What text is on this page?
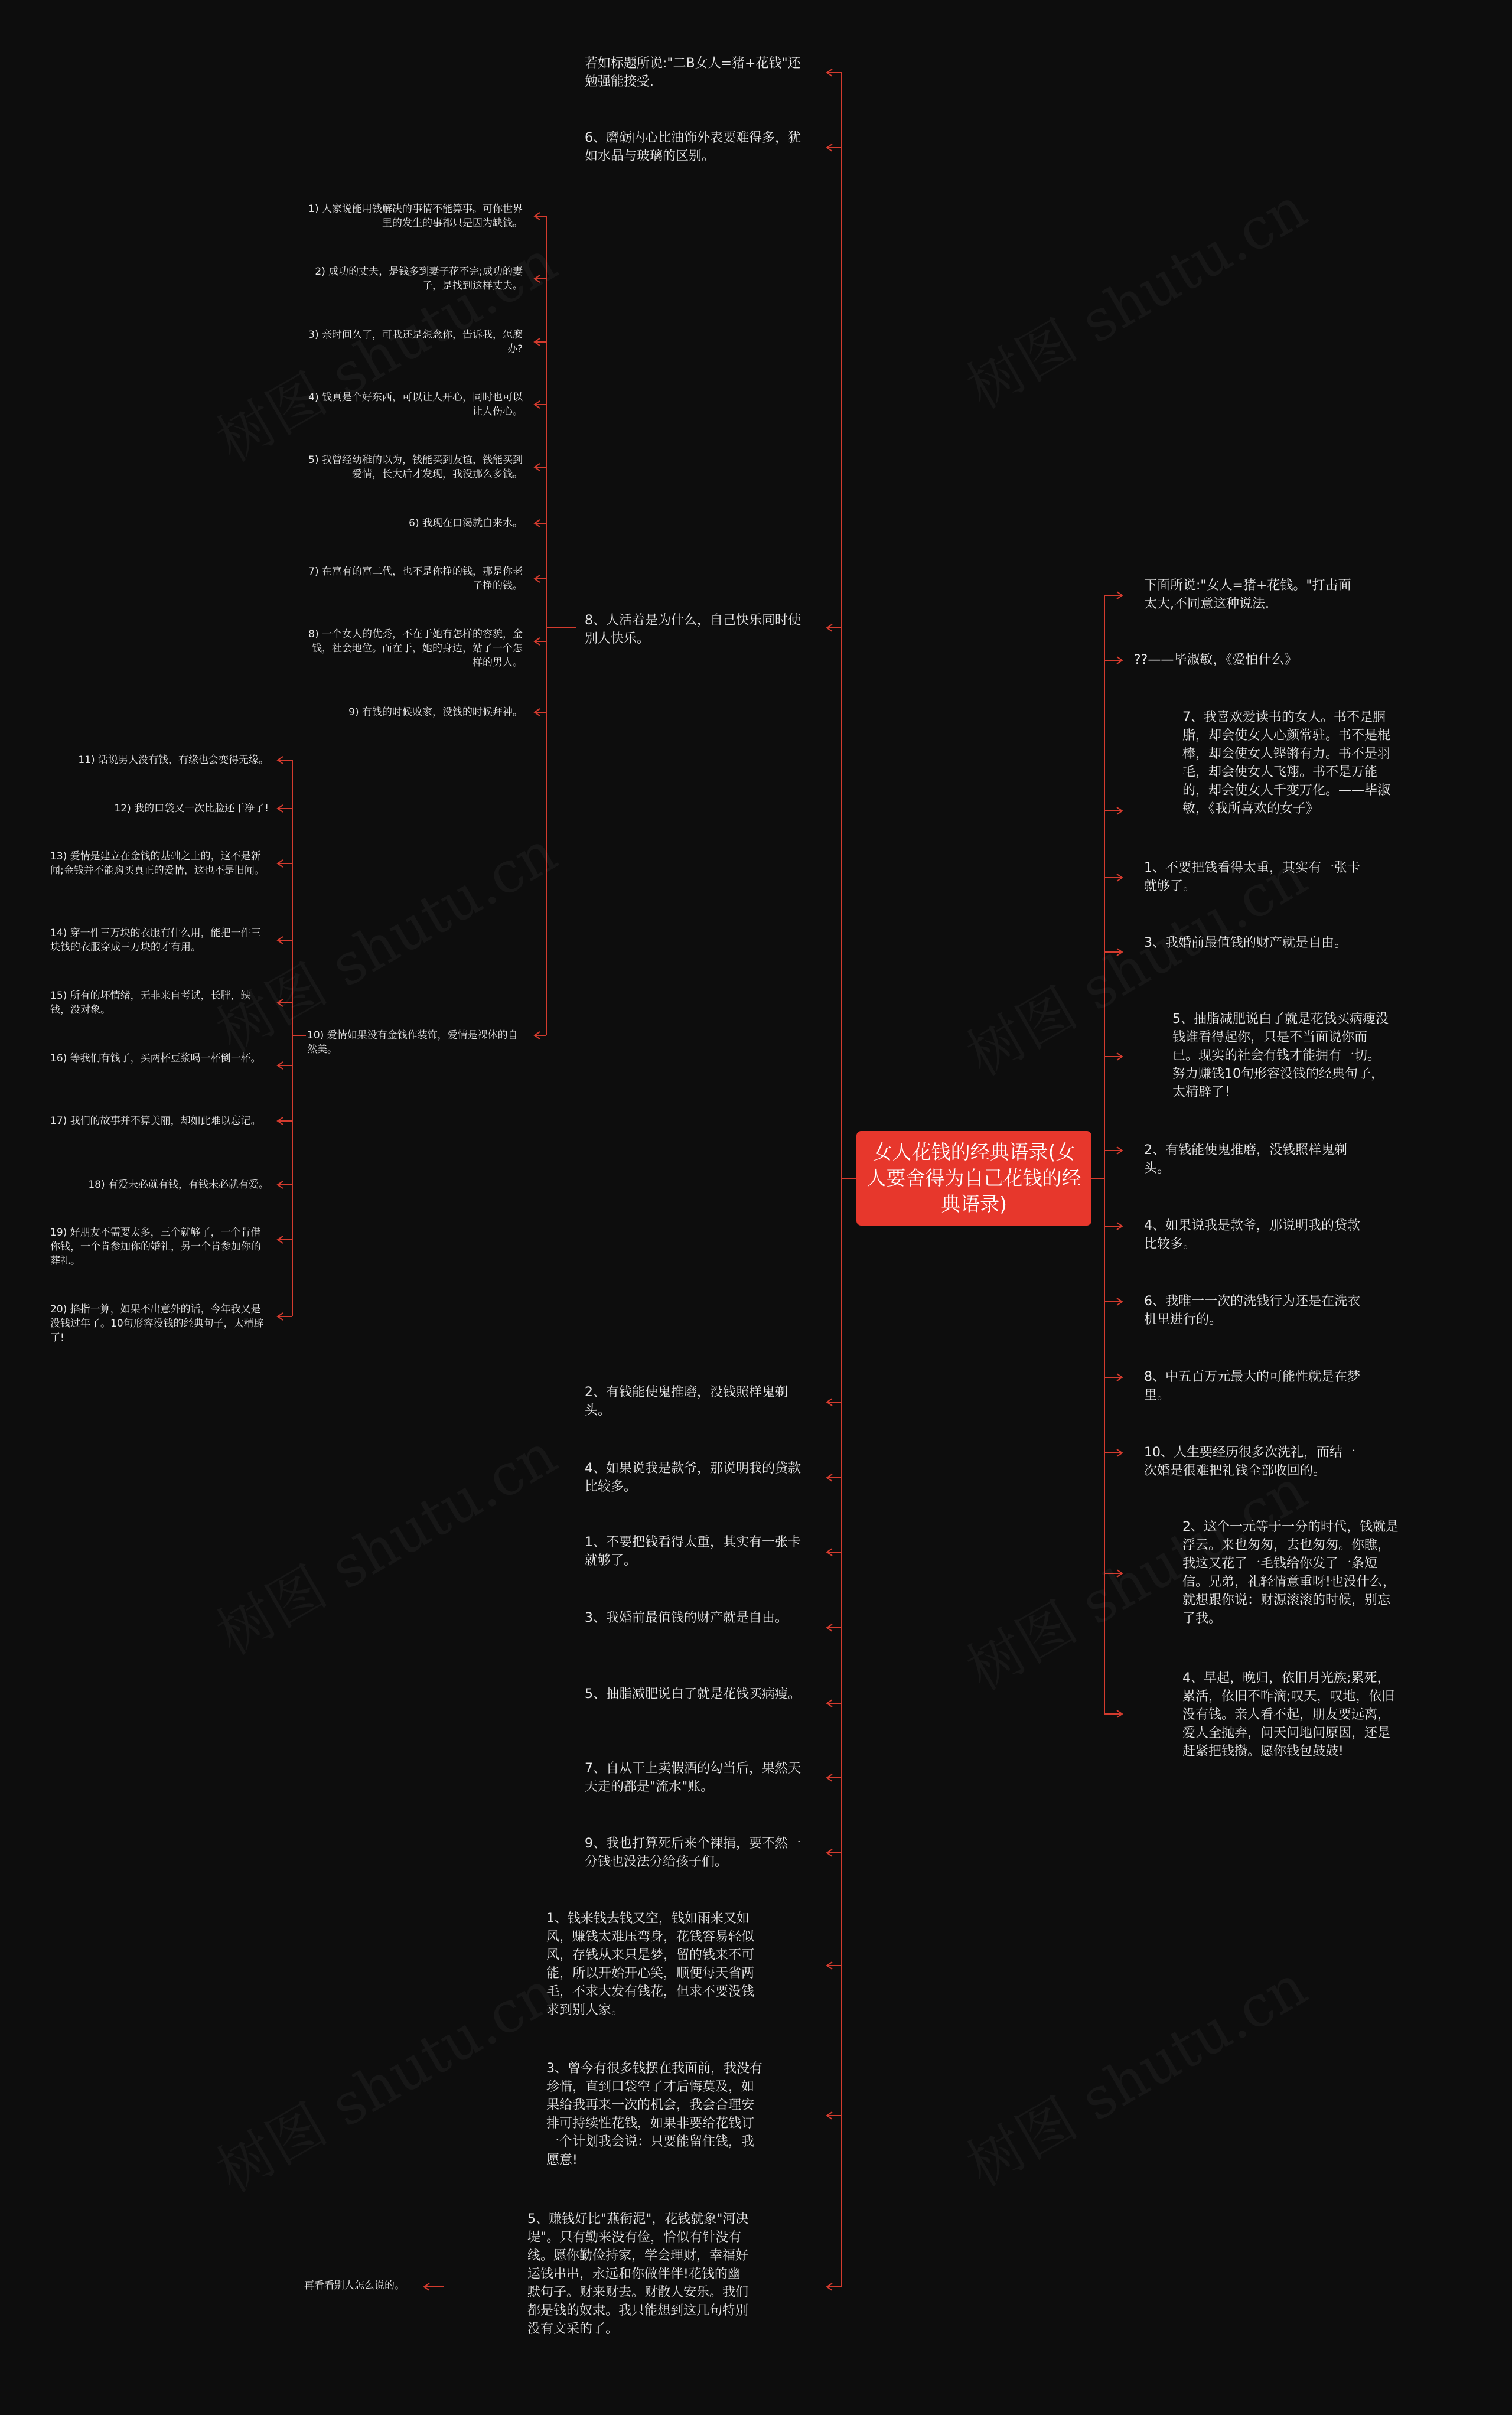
女人花钱的经典语录(女人要舍得为自己花钱的经典语录)
下面所说:"女人=猪+花钱。"打击面太大,不同意这种说法.
??——毕淑敏，《爱怕什么》
7、我喜欢爱读书的女人。书不是胭脂，却会使女人心颜常驻。书不是棍棒，却会使女人铿锵有力。书不是羽毛，却会使女人飞翔。书不是万能的，却会使女人千变万化。——毕淑敏，《我所喜欢的女子》
1、不要把钱看得太重，其实有一张卡就够了。
3、我婚前最值钱的财产就是自由。
5、抽脂减肥说白了就是花钱买病瘦没钱谁看得起你，只是不当面说你而已。现实的社会有钱才能拥有一切。努力赚钱10句形容没钱的经典句子，太精辟了！
2、有钱能使鬼推磨，没钱照样鬼剃头。
4、如果说我是款爷，那说明我的贷款比较多。
6、我唯一一次的洗钱行为还是在洗衣机里进行的。
8、中五百万元最大的可能性就是在梦里。
10、人生要经历很多次洗礼，而结一次婚是很难把礼钱全部收回的。
2、这个一元等于一分的时代，钱就是浮云。来也匆匆，去也匆匆。你瞧，我这又花了一毛钱给你发了一条短信。兄弟，礼轻情意重呀!也没什么，就想跟你说：财源滚滚的时候，别忘了我。
4、早起，晚归，依旧月光族;累死，累活，依旧不咋滴;叹天，叹地，依旧没有钱。亲人看不起，朋友要远离，爱人全抛弃，问天问地问原因，还是赶紧把钱攒。愿你钱包鼓鼓!
若如标题所说:"二B女人=猪+花钱"还勉强能接受.
6、磨砺内心比油饰外表要难得多，犹如水晶与玻璃的区别。
8、人活着是为什么，自己快乐同时使别人快乐。
2、有钱能使鬼推磨，没钱照样鬼剃头。
4、如果说我是款爷，那说明我的贷款比较多。
1、不要把钱看得太重，其实有一张卡就够了。
3、我婚前最值钱的财产就是自由。
5、抽脂减肥说白了就是花钱买病瘦。
7、自从干上卖假酒的勾当后，果然天天走的都是"流水"账。
9、我也打算死后来个裸捐，要不然一分钱也没法分给孩子们。
1、钱来钱去钱又空，钱如雨来又如风，赚钱太难压弯身，花钱容易轻似风，存钱从来只是梦，留的钱来不可能，所以开始开心笑，顺便每天省两毛，不求大发有钱花，但求不要没钱求到别人家。
3、曾今有很多钱摆在我面前，我没有珍惜，直到口袋空了才后悔莫及，如果给我再来一次的机会，我会合理安排可持续性花钱，如果非要给花钱订一个计划我会说：只要能留住钱，我愿意!
5、赚钱好比"燕衔泥"，花钱就象"河决堤"。只有勤来没有俭，恰似有针没有线。愿你勤俭持家，学会理财，幸福好运钱串串，永远和你做伴伴!花钱的幽默句子。财来财去。财散人安乐。我们都是钱的奴隶。我只能想到这几句特别没有文采的了。
1) 人家说能用钱解决的事情不能算事。可你世界里的发生的事都只是因为缺钱。
2) 成功的丈夫，是钱多到妻子花不完;成功的妻子，是找到这样丈夫。
3) 亲时间久了，可我还是想念你，告诉我，怎麽办?
4) 钱真是个好东西，可以让人开心，同时也可以让人伤心。
5) 我曾经幼稚的以为，钱能买到友谊，钱能买到爱情，长大后才发现，我没那么多钱。
6) 我现在口渴就自来水。
7) 在富有的富二代，也不是你挣的钱，那是你老子挣的钱。
8) 一个女人的优秀，不在于她有怎样的容貌，金钱，社会地位。而在于，她的身边，站了一个怎样的男人。
9) 有钱的时候败家，没钱的时候拜神。
10) 爱情如果没有金钱作装饰，爱情是裸体的自然美。
11) 话说男人没有钱，有缘也会变得无缘。
12) 我的口袋又一次比脸还干净了!
13) 爱情是建立在金钱的基础之上的，这不是新闻;金钱并不能购买真正的爱情，这也不是旧闻。
14) 穿一件三万块的衣服有什么用，能把一件三块钱的衣服穿成三万块的才有用。
15) 所有的坏情绪，无非来自考试，长胖，缺钱，没对象。
16) 等我们有钱了，买两杯豆浆喝一杯倒一杯。
17) 我们的故事并不算美丽，却如此难以忘记。
18) 有爱未必就有钱，有钱未必就有爱。
19) 好朋友不需要太多，三个就够了，一个肯借你钱，一个肯参加你的婚礼，另一个肯参加你的葬礼。
20) 掐指一算，如果不出意外的话，今年我又是没钱过年了。10句形容没钱的经典句子，太精辟了!
再看看别人怎么说的。
